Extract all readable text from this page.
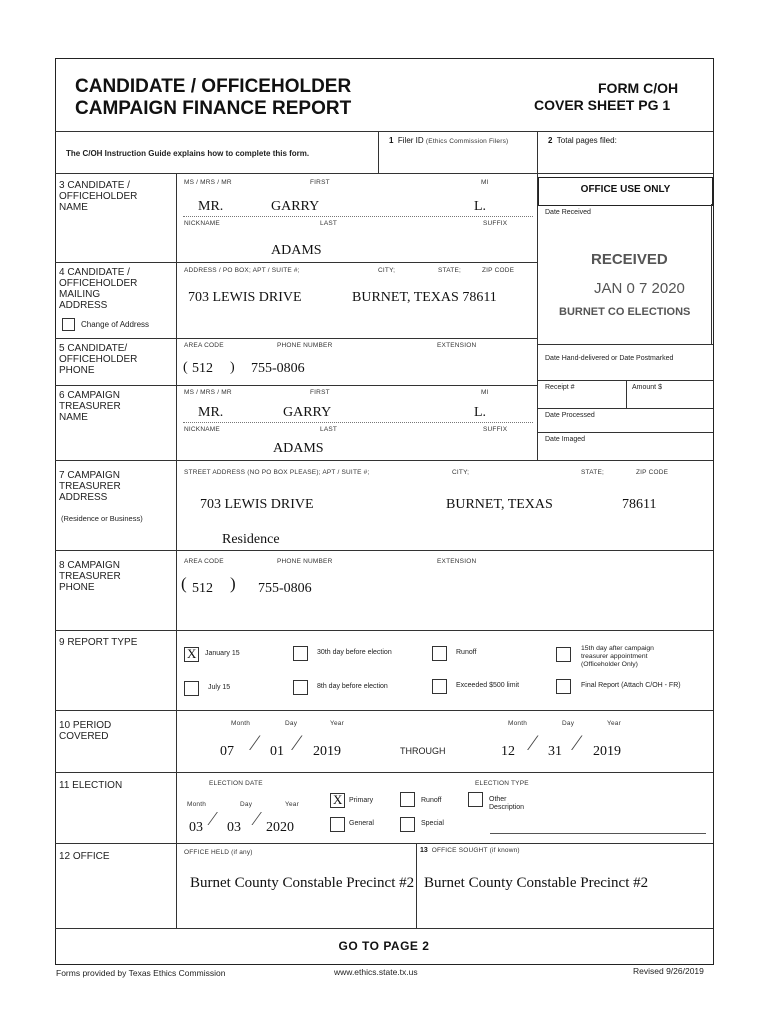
CANDIDATE / OFFICEHOLDER
CAMPAIGN FINANCE REPORT
FORM C/OH
COVER SHEET PG 1
The C/OH Instruction Guide explains how to complete this form.
1 Filer ID (Ethics Commission Filers)	2 Total pages filed:
OFFICE USE ONLY
Date Received
RECEIVED
JAN 0 7 2020
BURNET CO ELECTIONS
Date Hand-delivered or Date Postmarked
Receipt #	Amount $
Date Processed
Date Imaged
3 CANDIDATE /
OFFICEHOLDER
NAME
MS / MRS / MR	FIRST	MI
MR.	GARRY	L.
NICKNAME	LAST	SUFFIX
ADAMS
4 CANDIDATE /
OFFICEHOLDER
MAILING
ADDRESS
Change of Address
ADDRESS / PO BOX; APT / SUITE #;	CITY;	STATE;	ZIP CODE
703 LEWIS DRIVE	BURNET, TEXAS 78611
5 CANDIDATE/
OFFICEHOLDER
PHONE
AREA CODE	PHONE NUMBER	EXTENSION
( 512 ) 755-0806
6 CAMPAIGN
TREASURER
NAME
MS / MRS / MR	FIRST	MI
MR.	GARRY	L.
NICKNAME	LAST	SUFFIX
ADAMS
7 CAMPAIGN
TREASURER
ADDRESS
(Residence or Business)
STREET ADDRESS (NO PO BOX PLEASE); APT / SUITE #;	CITY;	STATE;	ZIP CODE
703 LEWIS DRIVE	BURNET, TEXAS	78611
Residence
8 CAMPAIGN
TREASURER
PHONE
AREA CODE	PHONE NUMBER	EXTENSION
( 512 ) 755-0806
9 REPORT TYPE
X January 15	30th day before election	Runoff
15th day after campaign
treasurer appointment
(Officeholder Only)
July 15	8th day before election	Exceeded $500 limit	Final Report (Attach C/OH - FR)
10 PERIOD
COVERED
Month	Day	Year	Month	Day	Year
07 ⁄ 01 ⁄ 2019	THROUGH	12 ⁄ 31 ⁄ 2019
11 ELECTION	ELECTION DATE
Month	Day	Year
ELECTION TYPE
X Primary	Runoff	Other
Description
General	Special
03 ⁄ 03 ⁄ 2020
12 OFFICE	OFFICE HELD (if any)
Burnet County Constable Precinct #2
13 OFFICE SOUGHT (if known)
Burnet County Constable Precinct #2
GO TO PAGE 2
Forms provided by Texas Ethics Commission	www.ethics.state.tx.us	Revised 9/26/2019
